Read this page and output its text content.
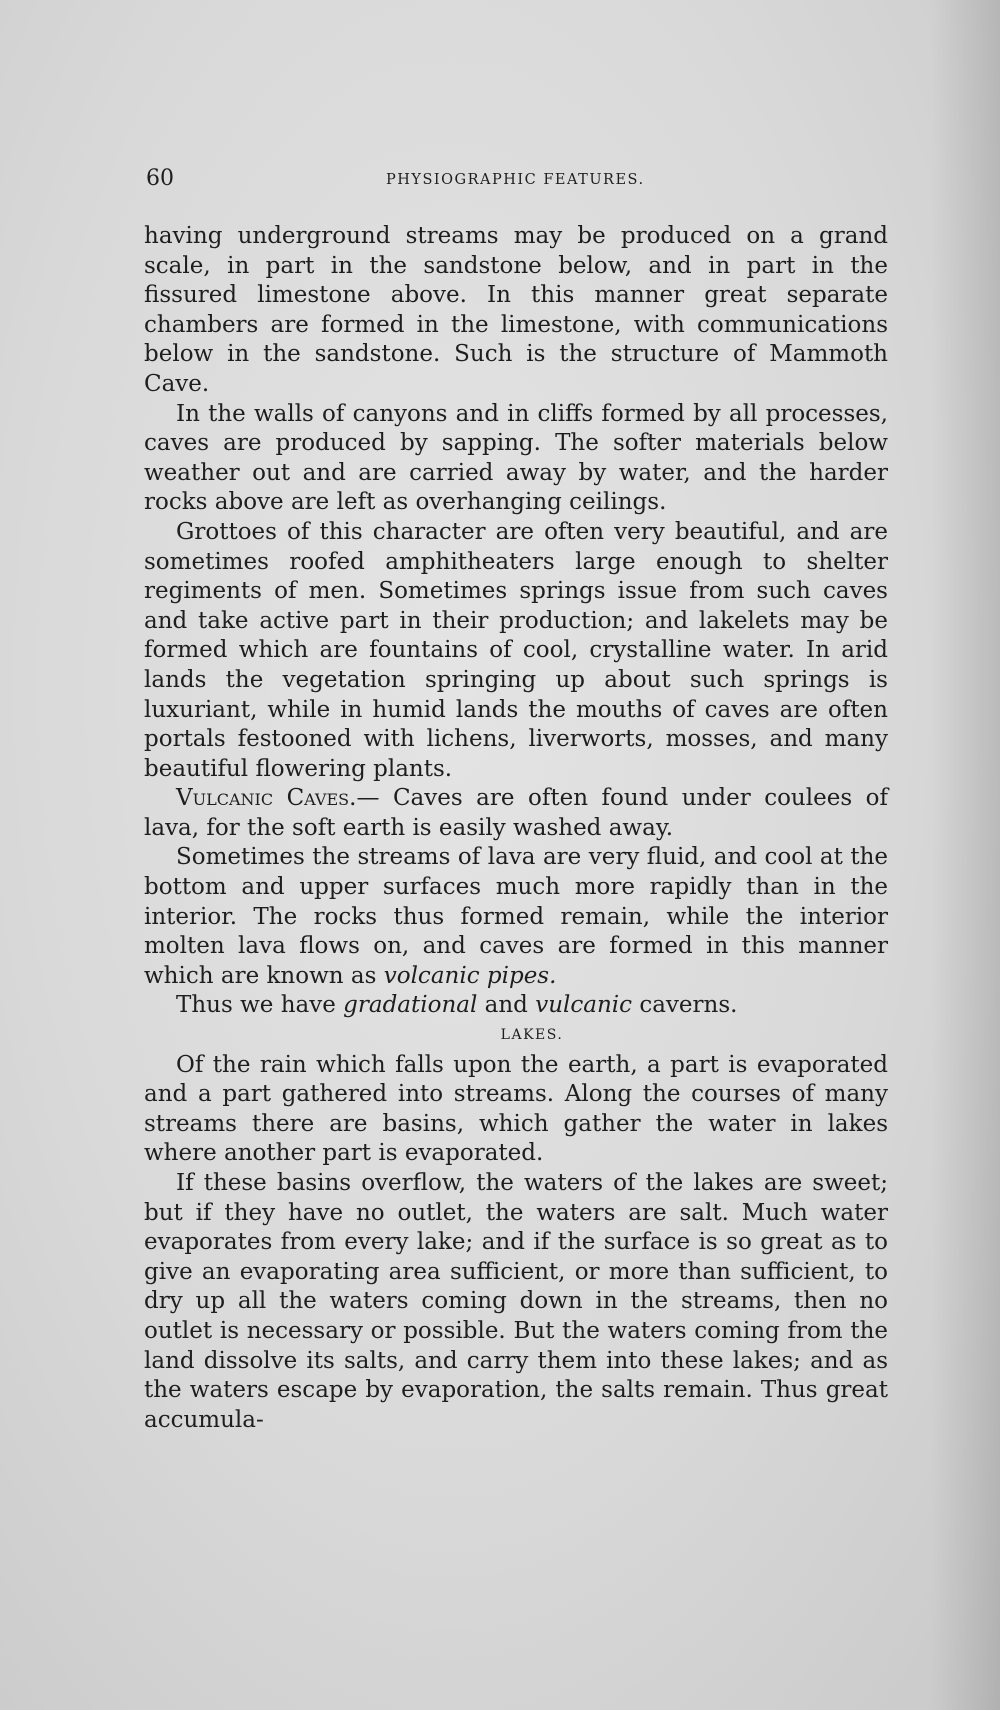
60	PHYSIOGRAPHIC FEATURES.

having underground streams may be produced on a grand scale, in part in the sandstone below, and in part in the fissured limestone above. In this manner great separate chambers are formed in the limestone, with communications below in the sandstone. Such is the structure of Mammoth Cave.

In the walls of canyons and in cliffs formed by all processes, caves are produced by sapping. The softer materials below weather out and are carried away by water, and the harder rocks above are left as overhanging ceilings.

Grottoes of this character are often very beautiful, and are sometimes roofed amphitheaters large enough to shelter regiments of men. Sometimes springs issue from such caves and take active part in their production; and lakelets may be formed which are fountains of cool, crystalline water. In arid lands the vegetation springing up about such springs is luxuriant, while in humid lands the mouths of caves are often portals festooned with lichens, liverworts, mosses, and many beautiful flowering plants.

Vulcanic Caves.— Caves are often found under coulees of lava, for the soft earth is easily washed away.

Sometimes the streams of lava are very fluid, and cool at the bottom and upper surfaces much more rapidly than in the interior. The rocks thus formed remain, while the interior molten lava flows on, and caves are formed in this manner which are known as volcanic pipes.

Thus we have gradational and vulcanic caverns.

LAKES.

Of the rain which falls upon the earth, a part is evaporated and a part gathered into streams. Along the courses of many streams there are basins, which gather the water in lakes where another part is evaporated.

If these basins overflow, the waters of the lakes are sweet; but if they have no outlet, the waters are salt. Much water evaporates from every lake; and if the surface is so great as to give an evaporating area sufficient, or more than sufficient, to dry up all the waters coming down in the streams, then no outlet is necessary or possible. But the waters coming from the land dissolve its salts, and carry them into these lakes; and as the waters escape by evaporation, the salts remain. Thus great accumula-
